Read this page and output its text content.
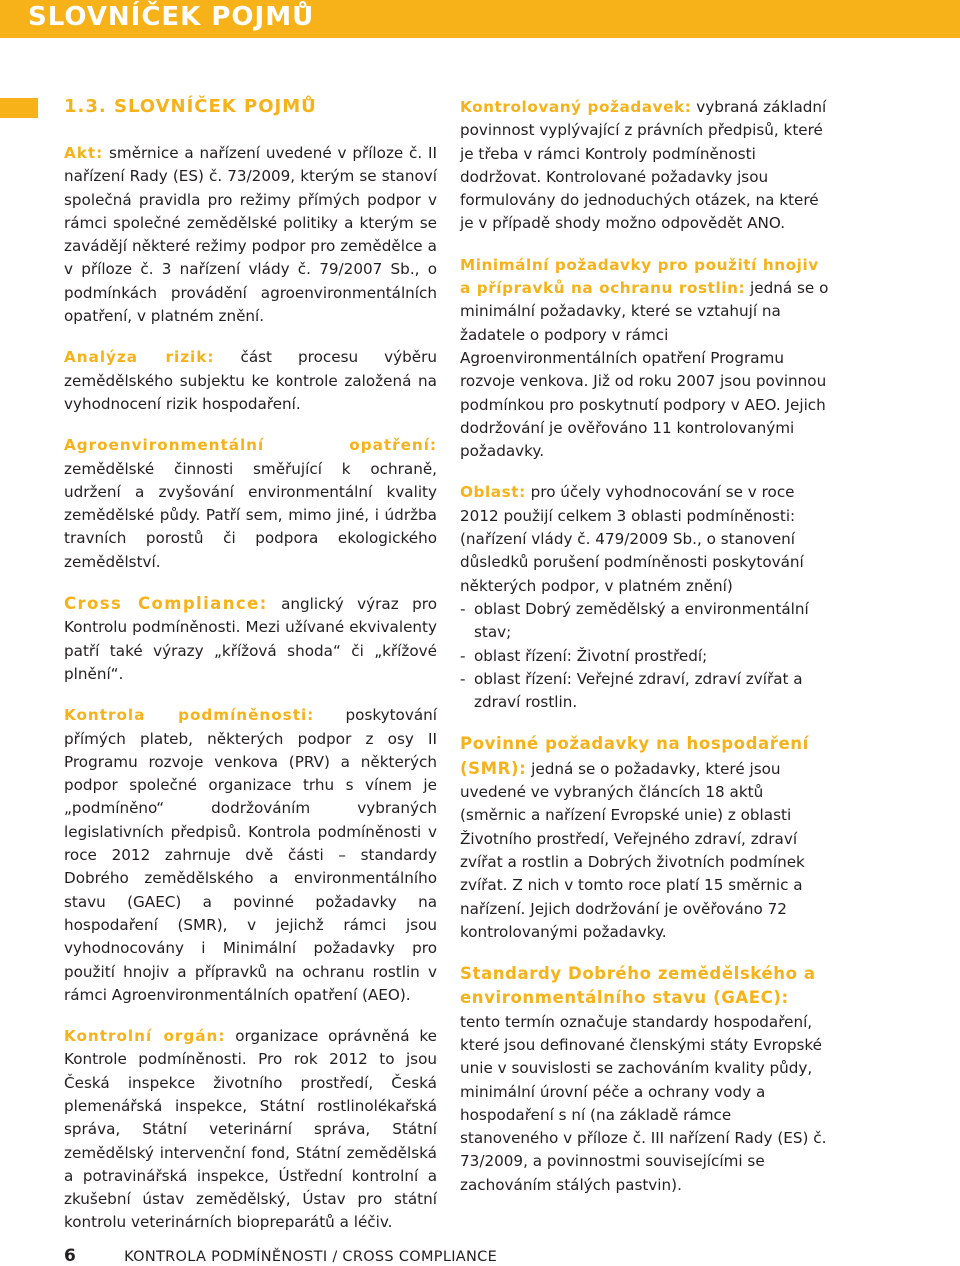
SLOVNÍČEK POJMŮ
1.3. SLOVNÍČEK POJMŮ

Akt: směrnice a nařízení uvedené v příloze č. II nařízení Rady (ES) č. 73/2009, kterým se stanoví společná pravidla pro režimy přímých podpor v rámci společné zemědělské politiky a kterým se zavádějí některé režimy podpor pro zemědělce a v příloze č. 3 nařízení vlády č. 79/2007 Sb., o podmínkách provádění agroenvironmentálních opatření, v platném znění.

Analýza rizik: část procesu výběru zemědělského subjektu ke kontrole založená na vyhodnocení rizik hospodaření.

Agroenvironmentální opatření: zemědělské činnosti směřující k ochraně, udržení a zvyšování environmentální kvality zemědělské půdy. Patří sem, mimo jiné, i údržba travních porostů či podpora ekologického zemědělství.

Cross Compliance: anglický výraz pro Kontrolu podmíněnosti. Mezi užívané ekvivalenty patří také výrazy „křížová shoda“ či „křížové plnění“.

Kontrola podmíněnosti: poskytování přímých plateb, některých podpor z osy II Programu rozvoje venkova (PRV) a některých podpor společné organizace trhu s vínem je „podmíněno“ dodržováním vybraných legislativních předpisů. Kontrola podmíněnosti v roce 2012 zahrnuje dvě části – standardy Dobrého zemědělského a environmentálního stavu (GAEC) a povinné požadavky na hospodaření (SMR), v jejichž rámci jsou vyhodnocovány i Minimální požadavky pro použití hnojiv a přípravků na ochranu rostlin v rámci Agroenvironmentálních opatření (AEO).

Kontrolní orgán: organizace oprávněná ke Kontrole podmíněnosti. Pro rok 2012 to jsou Česká inspekce životního prostředí, Česká plemenářská inspekce, Státní rostlinolékařská správa, Státní veterinární správa, Státní zemědělský intervenční fond, Státní zemědělská a potravinářská inspekce, Ústřední kontrolní a zkušební ústav zemědělský, Ústav pro státní kontrolu veterinárních biopreparátů a léčiv.

Kontrolovaný požadavek: vybraná základní povinnost vyplývající z právních předpisů, které je třeba v rámci Kontroly podmíněnosti dodržovat. Kontrolované požadavky jsou formulovány do jednoduchých otázek, na které je v případě shody možno odpovědět ANO.

Minimální požadavky pro použití hnojiv a přípravků na ochranu rostlin: jedná se o minimální požadavky, které se vztahují na žadatele o podpory v rámci Agroenvironmentálních opatření Programu rozvoje venkova. Již od roku 2007 jsou povinnou podmínkou pro poskytnutí podpory v AEO. Jejich dodržování je ověřováno 11 kontrolovanými požadavky.

Oblast: pro účely vyhodnocování se v roce 2012 použijí celkem 3 oblasti podmíněnosti: (nařízení vlády č. 479/2009 Sb., o stanovení důsledků porušení podmíněnosti poskytování některých podpor, v platném znění)
- oblast Dobrý zemědělský a environmentální stav;
- oblast řízení: Životní prostředí;
- oblast řízení: Veřejné zdraví, zdraví zvířat a zdraví rostlin.

Povinné požadavky na hospodaření (SMR): jedná se o požadavky, které jsou uvedené ve vybraných článcích 18 aktů (směrnic a nařízení Evropské unie) z oblasti Životního prostředí, Veřejného zdraví, zdraví zvířat a rostlin a Dobrých životních podmínek zvířat. Z nich v tomto roce platí 15 směrnic a nařízení. Jejich dodržování je ověřováno 72 kontrolovanými požadavky.

Standardy Dobrého zemědělského a environmentálního stavu (GAEC): tento termín označuje standardy hospodaření, které jsou definované členskými státy Evropské unie v souvislosti se zachováním kvality půdy, minimální úrovní péče a ochrany vody a hospodaření s ní (na základě rámce stanoveného v příloze č. III nařízení Rady (ES) č. 73/2009, a povinnostmi souvisejícími se zachováním stálých pastvin).

6	KONTROLA PODMÍNĚNOSTI / CROSS COMPLIANCE
